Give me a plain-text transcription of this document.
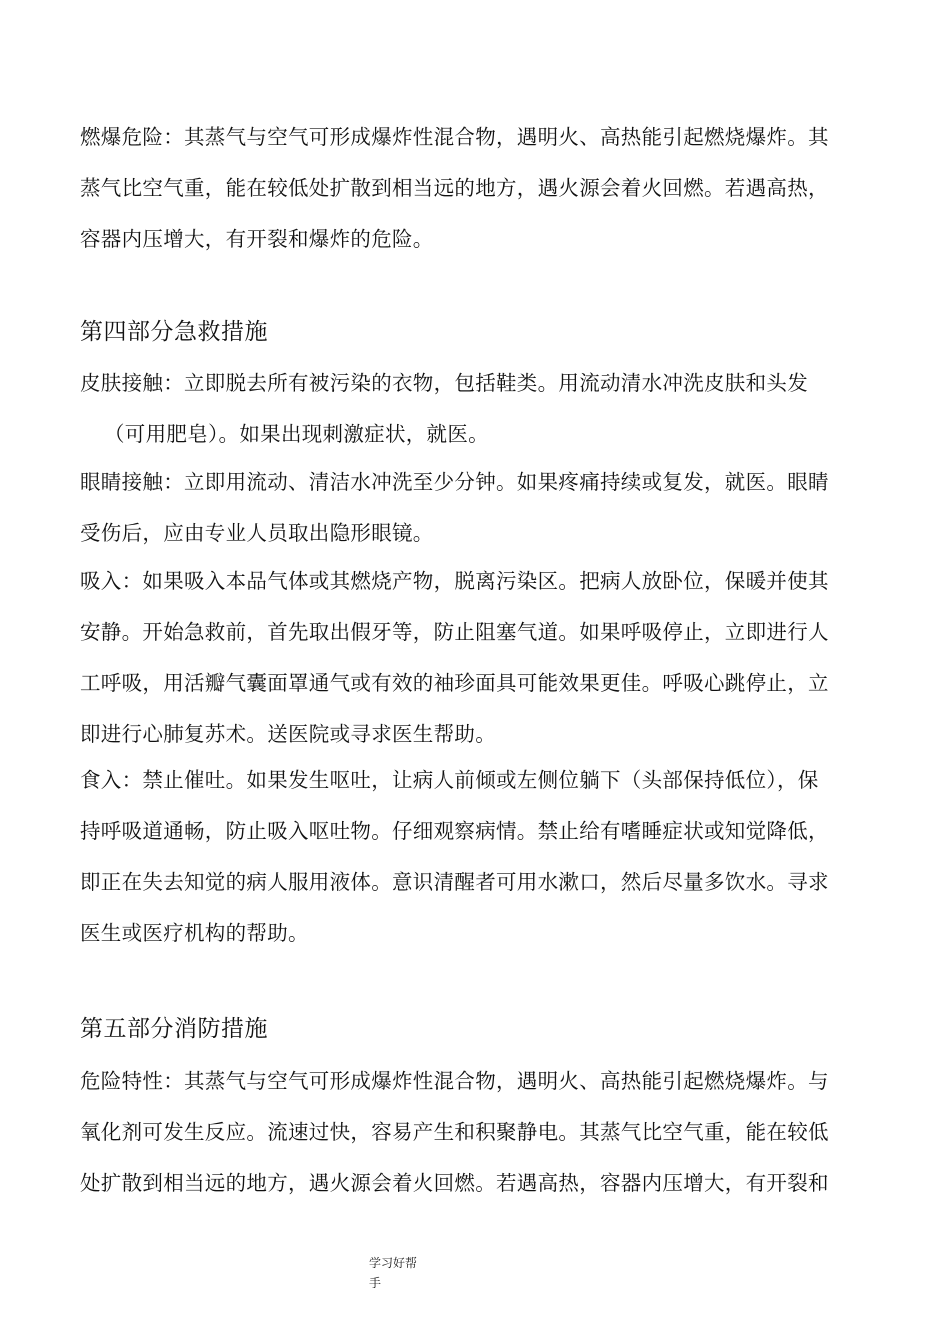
燃爆危险：其蒸气与空气可形成爆炸性混合物，遇明火、高热能引起燃烧爆炸。其
蒸气比空气重，能在较低处扩散到相当远的地方，遇火源会着火回燃。若遇高热，
容器内压增大，有开裂和爆炸的危险。

第四部分急救措施

皮肤接触：立即脱去所有被污染的衣物，包括鞋类。用流动清水冲洗皮肤和头发
（可用肥皂）。如果出现刺激症状，就医。

眼睛接触：立即用流动、清洁水冲洗至少分钟。如果疼痛持续或复发，就医。眼睛
受伤后，应由专业人员取出隐形眼镜。

吸入：如果吸入本品气体或其燃烧产物，脱离污染区。把病人放卧位，保暖并使其
安静。开始急救前，首先取出假牙等，防止阻塞气道。如果呼吸停止，立即进行人
工呼吸，用活瓣气囊面罩通气或有效的袖珍面具可能效果更佳。呼吸心跳停止，立
即进行心肺复苏术。送医院或寻求医生帮助。

食入：禁止催吐。如果发生呕吐，让病人前倾或左侧位躺下（头部保持低位），保
持呼吸道通畅，防止吸入呕吐物。仔细观察病情。禁止给有嗜睡症状或知觉降低，
即正在失去知觉的病人服用液体。意识清醒者可用水漱口，然后尽量多饮水。寻求
医生或医疗机构的帮助。

第五部分消防措施

危险特性：其蒸气与空气可形成爆炸性混合物，遇明火、高热能引起燃烧爆炸。与
氧化剂可发生反应。流速过快，容易产生和积聚静电。其蒸气比空气重，能在较低
处扩散到相当远的地方，遇火源会着火回燃。若遇高热，容器内压增大，有开裂和

学习好帮
手
